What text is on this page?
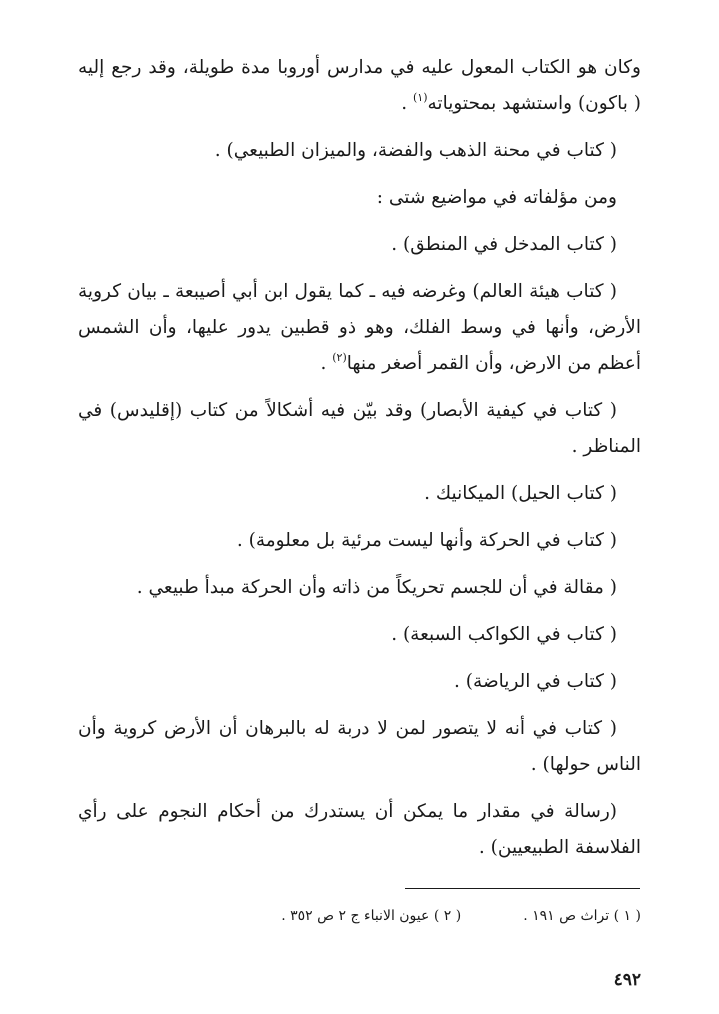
وكان هو الكتاب المعول عليه في مدارس أوروبا مدة طويلة، وقد رجع إليه ( باكون) واستشهد بمحتوياته$^{(١)}$ .

( كتاب في محنة الذهب والفضة، والميزان الطبيعي) .

ومن مؤلفاته في مواضيع شتى :

( كتاب المدخل في المنطق) .

( كتاب هيئة العالم) وغرضه فيه ـ كما يقول ابن أبي أصيبعة ـ بيان كروية الأرض، وأنها في وسط الفلك، وهو ذو قطبين يدور عليها، وأن الشمس أعظم من الارض، وأن القمر أصغر منها$^{(٢)}$ .

( كتاب في كيفية الأبصار) وقد بيّن فيه أشكالاً من كتاب (إقليدس) في المناظر .

( كتاب الحيل) الميكانيك .

( كتاب في الحركة وأنها ليست مرئية بل معلومة) .

( مقالة في أن للجسم تحريكاً من ذاته وأن الحركة مبدأ طبيعي .

( كتاب في الكواكب السبعة) .

( كتاب في الرياضة) .

( كتاب في أنه لا يتصور لمن لا دربة له بالبرهان أن الأرض كروية وأن الناس حولها) .

(رسالة في مقدار ما يمكن أن يستدرك من أحكام النجوم على رأي الفلاسفة الطبيعيين) .

( ١ ) تراث ص ١٩١ .( ٢ ) عيون الانباء ج ٢ ص ٣٥٢ .
٤٩٢
